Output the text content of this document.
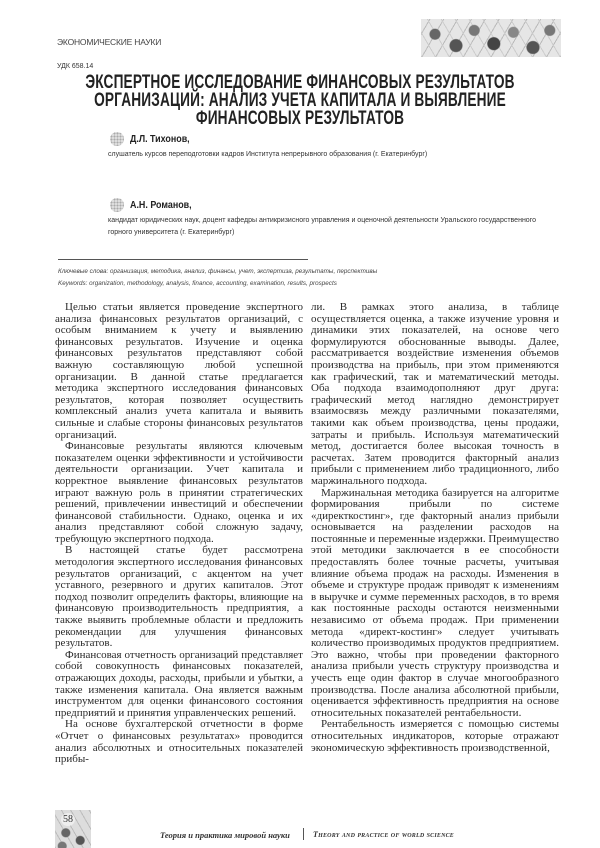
ЭКОНОМИЧЕСКИЕ НАУКИ
УДК 658.14
ЭКСПЕРТНОЕ ИССЛЕДОВАНИЕ ФИНАНСОВЫХ РЕЗУЛЬТАТОВ ОРГАНИЗАЦИЙ: АНАЛИЗ УЧЕТА КАПИТАЛА И ВЫЯВЛЕНИЕ ФИНАНСОВЫХ РЕЗУЛЬТАТОВ
Д.Л. Тихонов,
слушатель курсов переподготовки кадров Института непрерывного образования (г. Екатеринбург)
А.Н. Романов,
кандидат юридических наук, доцент кафедры антикризисного управления и оценочной деятельности Уральского государственного горного университета (г. Екатеринбург)
Ключевые слова: организация, методика, анализ, финансы, учет, экспертиза, результаты, перспективы
Keywords: organization, methodology, analysis, finance, accounting, examination, results, prospects

Целью статьи является проведение экспертного анализа финансовых результатов организаций, с особым вниманием к учету и выявлению финансовых результатов. Изучение и оценка финансовых результатов представляют собой важную составляющую любой успешной организации. В данной статье предлагается методика экспертного исследования финансовых результатов, которая позволяет осуществить комплексный анализ учета капитала и выявить сильные и слабые стороны финансовых результатов организаций.

Финансовые результаты являются ключевым показателем оценки эффективности и устойчивости деятельности организации. Учет капитала и корректное выявление финансовых результатов играют важную роль в принятии стратегических решений, привлечении инвестиций и обеспечении финансовой стабильности. Однако, оценка и их анализ представляют собой сложную задачу, требующую экспертного подхода.

В настоящей статье будет рассмотрена методология экспертного исследования финансовых результатов организаций, с акцентом на учет уставного, резервного и других капиталов. Этот подход позволит определить факторы, влияющие на финансовую производительность предприятия, а также выявить проблемные области и предложить рекомендации для улучшения финансовых результатов.

Финансовая отчетность организаций представляет собой совокупность финансовых показателей, отражающих доходы, расходы, прибыли и убытки, а также изменения капитала. Она является важным инструментом для оценки финансового состояния предприятий и принятия управленческих решений.

На основе бухгалтерской отчетности в форме «Отчет о финансовых результатах» проводится анализ абсолютных и относительных показателей прибы-

ли. В рамках этого анализа, в таблице осуществляется оценка, а также изучение уровня и динамики этих показателей, на основе чего формулируются обоснованные выводы. Далее, рассматривается воздействие изменения объемов производства на прибыль, при этом применяются как графический, так и математический методы. Оба подхода взаимодополняют друг друга: графический метод наглядно демонстрирует взаимосвязь между различными показателями, такими как объем производства, цены продажи, затраты и прибыль. Используя математический метод, достигается более высокая точность в расчетах. Затем проводится факторный анализ прибыли с применением либо традиционного, либо маржинального подхода.

Маржинальная методика базируется на алгоритме формирования прибыли по системе «директкостинг», где факторный анализ прибыли основывается на разделении расходов на постоянные и переменные издержки. Преимущество этой методики заключается в ее способности предоставлять более точные расчеты, учитывая влияние объема продаж на расходы. Изменения в объеме и структуре продаж приводят к изменениям в выручке и сумме переменных расходов, в то время как постоянные расходы остаются неизменными независимо от объема продаж. При применении метода «директ-костинг» следует учитывать количество производимых продуктов предприятием. Это важно, чтобы при проведении факторного анализа прибыли учесть структуру производства и учесть еще один фактор в случае многообразного производства. После анализа абсолютной прибыли, оценивается эффективность предприятия на основе относительных показателей рентабельности.

Рентабельность измеряется с помощью системы относительных индикаторов, которые отражают экономическую эффективность производственной,

58
Теория и практика мировой науки	Theory and practice of world science
